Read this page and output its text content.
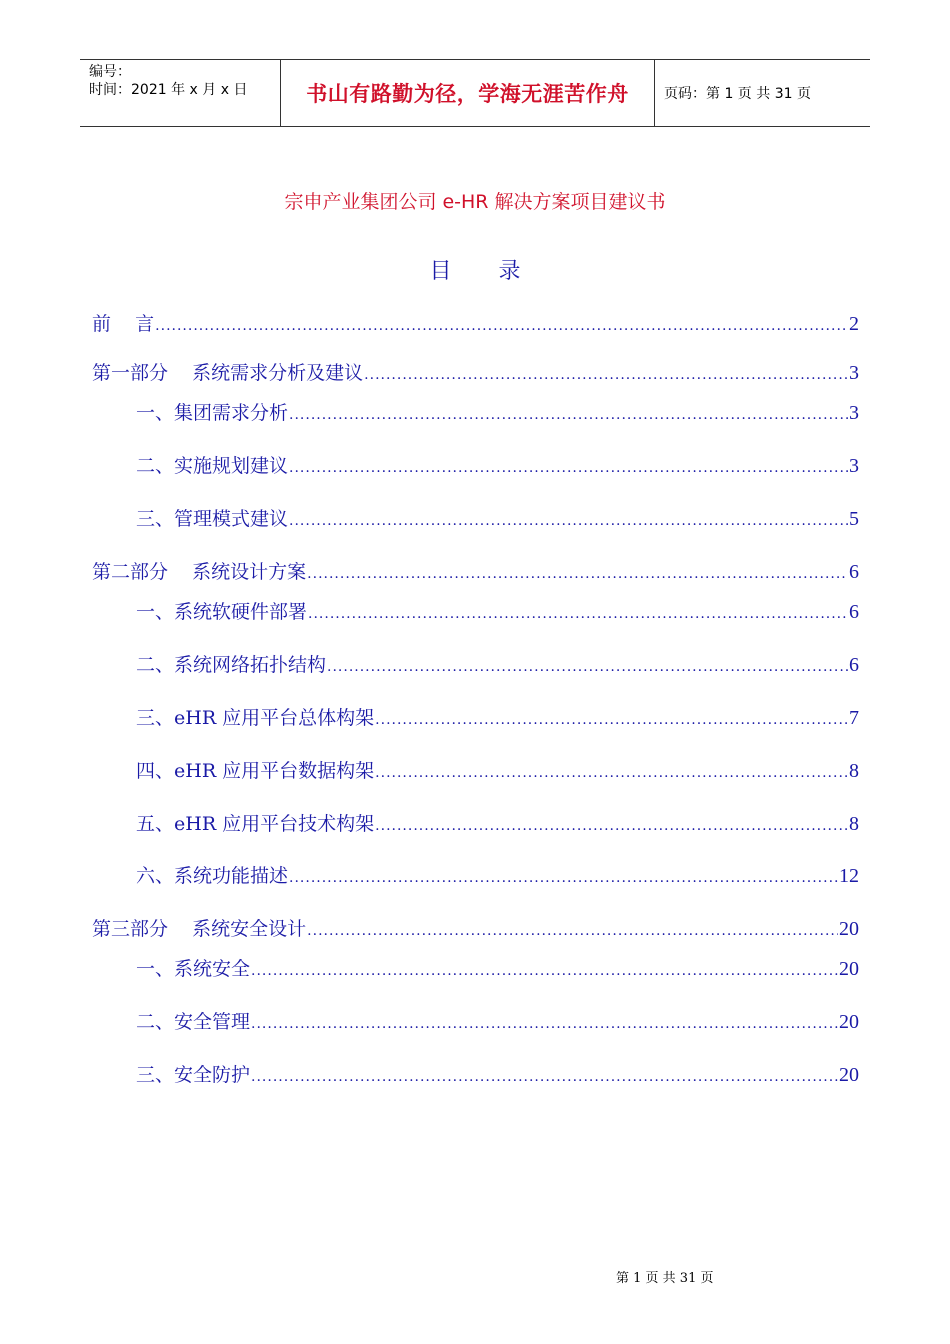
编号：
时间：2021 年 x 月 x 日	书山有路勤为径，学海无涯苦作舟	页码：第 1 页 共 31 页
宗申产业集团公司 e-HR 解决方案项目建议书
目 录
前    言 .....	2
第一部分    系统需求分析及建议 .....	3
一、集团需求分析 .....	3
二、实施规划建议 .....	3
三、管理模式建议 .....	5
第二部分    系统设计方案 .....	6
一、系统软硬件部署 .....	6
二、系统网络拓扑结构 .....	6
三、eHR 应用平台总体构架 .....	7
四、eHR 应用平台数据构架 .....	8
五、eHR 应用平台技术构架 .....	8
六、系统功能描述 .....	12
第三部分    系统安全设计 .....	20
一、系统安全 .....	20
二、安全管理 .....	20
三、安全防护 .....	20
第 1 页 共 31 页
